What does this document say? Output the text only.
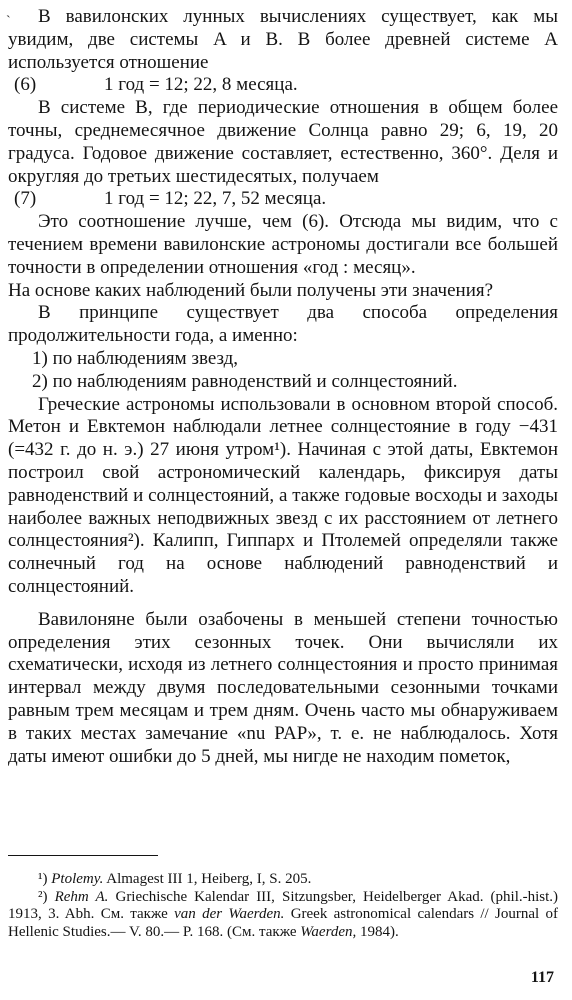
˴	В вавилонских лунных вычислениях существует, как мы увидим, две системы A и B. В более древней системе A используется отношение

(6)	1 год = 12; 22, 8 месяца.

В системе B, где периодические отношения в общем более точны, среднемесячное движение Солнца равно 29; 6, 19, 20 градуса. Годовое движение составляет, естественно, 360°. Деля и округляя до третьих шестидесятых, получаем

(7)	1 год = 12; 22, 7, 52 месяца.

Это соотношение лучше, чем (6). Отсюда мы видим, что с течением времени вавилонские астрономы достигали все большей точности в определении отношения «год : месяц».

На основе каких наблюдений были получены эти значения?

В принципе существует два способа определения продолжительности года, а именно:

1) по наблюдениям звезд,

2) по наблюдениям равноденствий и солнцестояний.

Греческие астрономы использовали в основном второй способ. Метон и Евктемон наблюдали летнее солнцестояние в году −431 (=432 г. до н. э.) 27 июня утром¹). Начиная с этой даты, Евктемон построил свой астрономический календарь, фиксируя даты равноденствий и солнцестояний, а также годовые восходы и заходы наиболее важных неподвижных звезд с их расстоянием от летнего солнцестояния²). Калипп, Гиппарх и Птолемей определяли также солнечный год на основе наблюдений равноденствий и солнцестояний.

Вавилоняне были озабочены в меньшей степени точностью определения этих сезонных точек. Они вычисляли их схематически, исходя из летнего солнцестояния и просто принимая интервал между двумя последовательными сезонными точками равным трем месяцам и трем дням. Очень часто мы обнаруживаем в таких местах замечание «nu PAP», т. е. не наблюдалось. Хотя даты имеют ошибки до 5 дней, мы нигде не находим пометок,

¹) Ptolemy. Almagest III 1, Heiberg, I, S. 205.

²) Rehm A. Griechische Kalendar III, Sitzungsber, Heidelberger Akad. (phil.-hist.) 1913, 3. Abh. См. также van der Waerden. Greek astronomical calendars // Journal of Hellenic Studies.— V. 80.— P. 168. (См. также Waerden, 1984).

117
